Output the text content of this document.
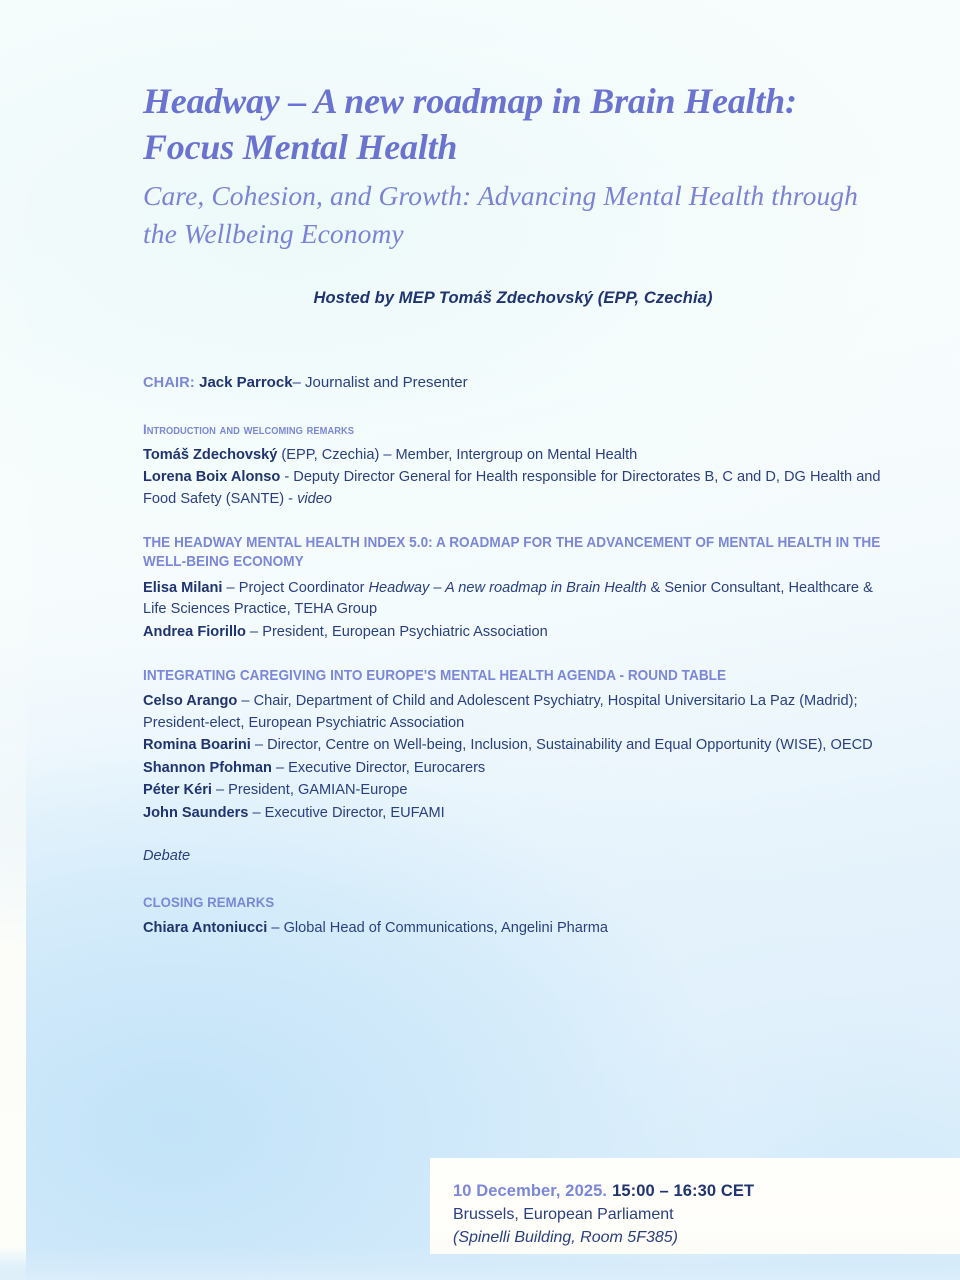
Headway – A new roadmap in Brain Health: Focus Mental Health
Care, Cohesion, and Growth: Advancing Mental Health through the Wellbeing Economy
Hosted by MEP Tomáš Zdechovský (EPP, Czechia)
CHAIR: Jack Parrock– Journalist and Presenter
Introduction and welcoming remarks
Tomáš Zdechovský (EPP, Czechia) – Member, Intergroup on Mental Health
Lorena Boix Alonso - Deputy Director General for Health responsible for Directorates B, C and D, DG Health and Food Safety (SANTE) - video
THE HEADWAY MENTAL HEALTH INDEX 5.0: A ROADMAP FOR THE ADVANCEMENT OF MENTAL HEALTH IN THE WELL-BEING ECONOMY
Elisa Milani – Project Coordinator Headway – A new roadmap in Brain Health & Senior Consultant, Healthcare & Life Sciences Practice, TEHA Group
Andrea Fiorillo – President, European Psychiatric Association
INTEGRATING CAREGIVING INTO EUROPE'S MENTAL HEALTH AGENDA - ROUND TABLE
Celso Arango – Chair, Department of Child and Adolescent Psychiatry, Hospital Universitario La Paz (Madrid); President-elect, European Psychiatric Association
Romina Boarini – Director, Centre on Well-being, Inclusion, Sustainability and Equal Opportunity (WISE), OECD
Shannon Pfohman – Executive Director, Eurocarers
Péter Kéri – President, GAMIAN-Europe
John Saunders – Executive Director, EUFAMI
Debate
CLOSING REMARKS
Chiara Antoniucci – Global Head of Communications, Angelini Pharma
10 December, 2025. 15:00 – 16:30 CET
Brussels, European Parliament
(Spinelli Building, Room 5F385)
